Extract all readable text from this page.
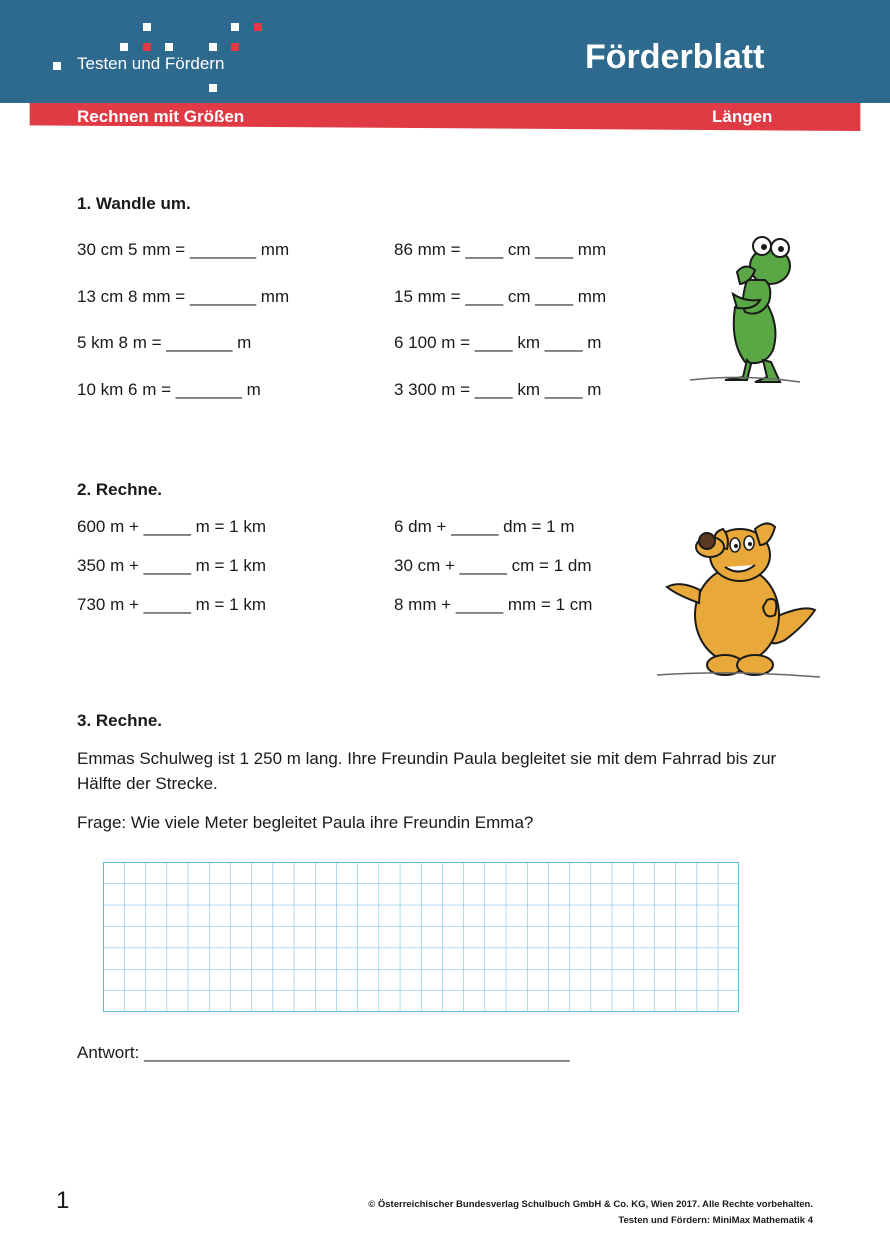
Testen und Fördern	Förderblatt
Rechnen mit Größen	Längen
1. Wandle um.
30 cm 5 mm = _______ mm
13 cm 8 mm = _______ mm
5 km 8 m = _______ m
10 km 6 m = _______ m
86 mm = ____ cm ____ mm
15 mm = ____ cm ____ mm
6 100 m = ____ km ____ m
3 300 m = ____ km ____ m
2. Rechne.
600 m + _____ m = 1 km
350 m + _____ m = 1 km
730 m + _____ m = 1 km
6 dm + _____ dm = 1 m
30 cm + _____ cm = 1 dm
8 mm + _____ mm = 1 cm
3. Rechne.
Emmas Schulweg ist 1 250 m lang. Ihre Freundin Paula begleitet sie mit dem Fahrrad bis zur Hälfte der Strecke.
Frage: Wie viele Meter begleitet Paula ihre Freundin Emma?
Antwort: _____________________________________________
1	© Österreichischer Bundesverlag Schulbuch GmbH & Co. KG, Wien 2017. Alle Rechte vorbehalten.
Testen und Fördern: MiniMax Mathematik 4
